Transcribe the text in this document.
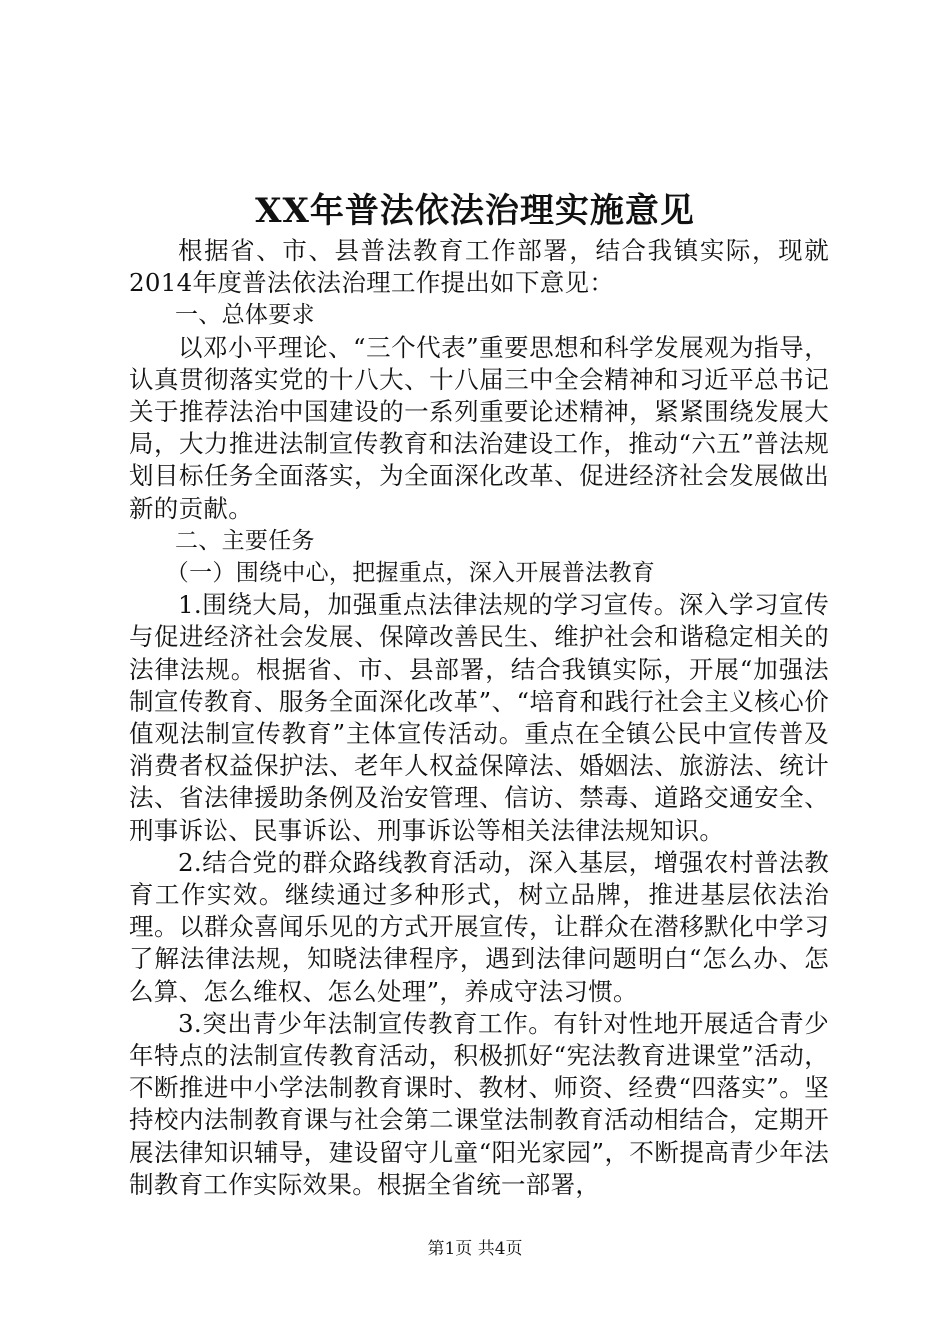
XX年普法依法治理实施意见

根据省、市、县普法教育工作部署，结合我镇实际，现就2014年度普法依法治理工作提出如下意见：

一、总体要求

以邓小平理论、“三个代表”重要思想和科学发展观为指导，认真贯彻落实党的十八大、十八届三中全会精神和习近平总书记关于推荐法治中国建设的一系列重要论述精神，紧紧围绕发展大局，大力推进法制宣传教育和法治建设工作，推动“六五”普法规划目标任务全面落实，为全面深化改革、促进经济社会发展做出新的贡献。

二、主要任务

（一）围绕中心，把握重点，深入开展普法教育

1.围绕大局，加强重点法律法规的学习宣传。深入学习宣传与促进经济社会发展、保障改善民生、维护社会和谐稳定相关的法律法规。根据省、市、县部署，结合我镇实际，开展“加强法制宣传教育、服务全面深化改革”、“培育和践行社会主义核心价值观法制宣传教育”主体宣传活动。重点在全镇公民中宣传普及消费者权益保护法、老年人权益保障法、婚姻法、旅游法、统计法、省法律援助条例及治安管理、信访、禁毒、道路交通安全、刑事诉讼、民事诉讼、刑事诉讼等相关法律法规知识。

2.结合党的群众路线教育活动，深入基层，增强农村普法教育工作实效。继续通过多种形式，树立品牌，推进基层依法治理。以群众喜闻乐见的方式开展宣传，让群众在潜移默化中学习了解法律法规，知晓法律程序，遇到法律问题明白“怎么办、怎么算、怎么维权、怎么处理”，养成守法习惯。

3.突出青少年法制宣传教育工作。有针对性地开展适合青少年特点的法制宣传教育活动，积极抓好“宪法教育进课堂”活动，不断推进中小学法制教育课时、教材、师资、经费“四落实”。坚持校内法制教育课与社会第二课堂法制教育活动相结合，定期开展法律知识辅导，建设留守儿童“阳光家园”，不断提高青少年法制教育工作实际效果。根据全省统一部署，

第1页 共4页
